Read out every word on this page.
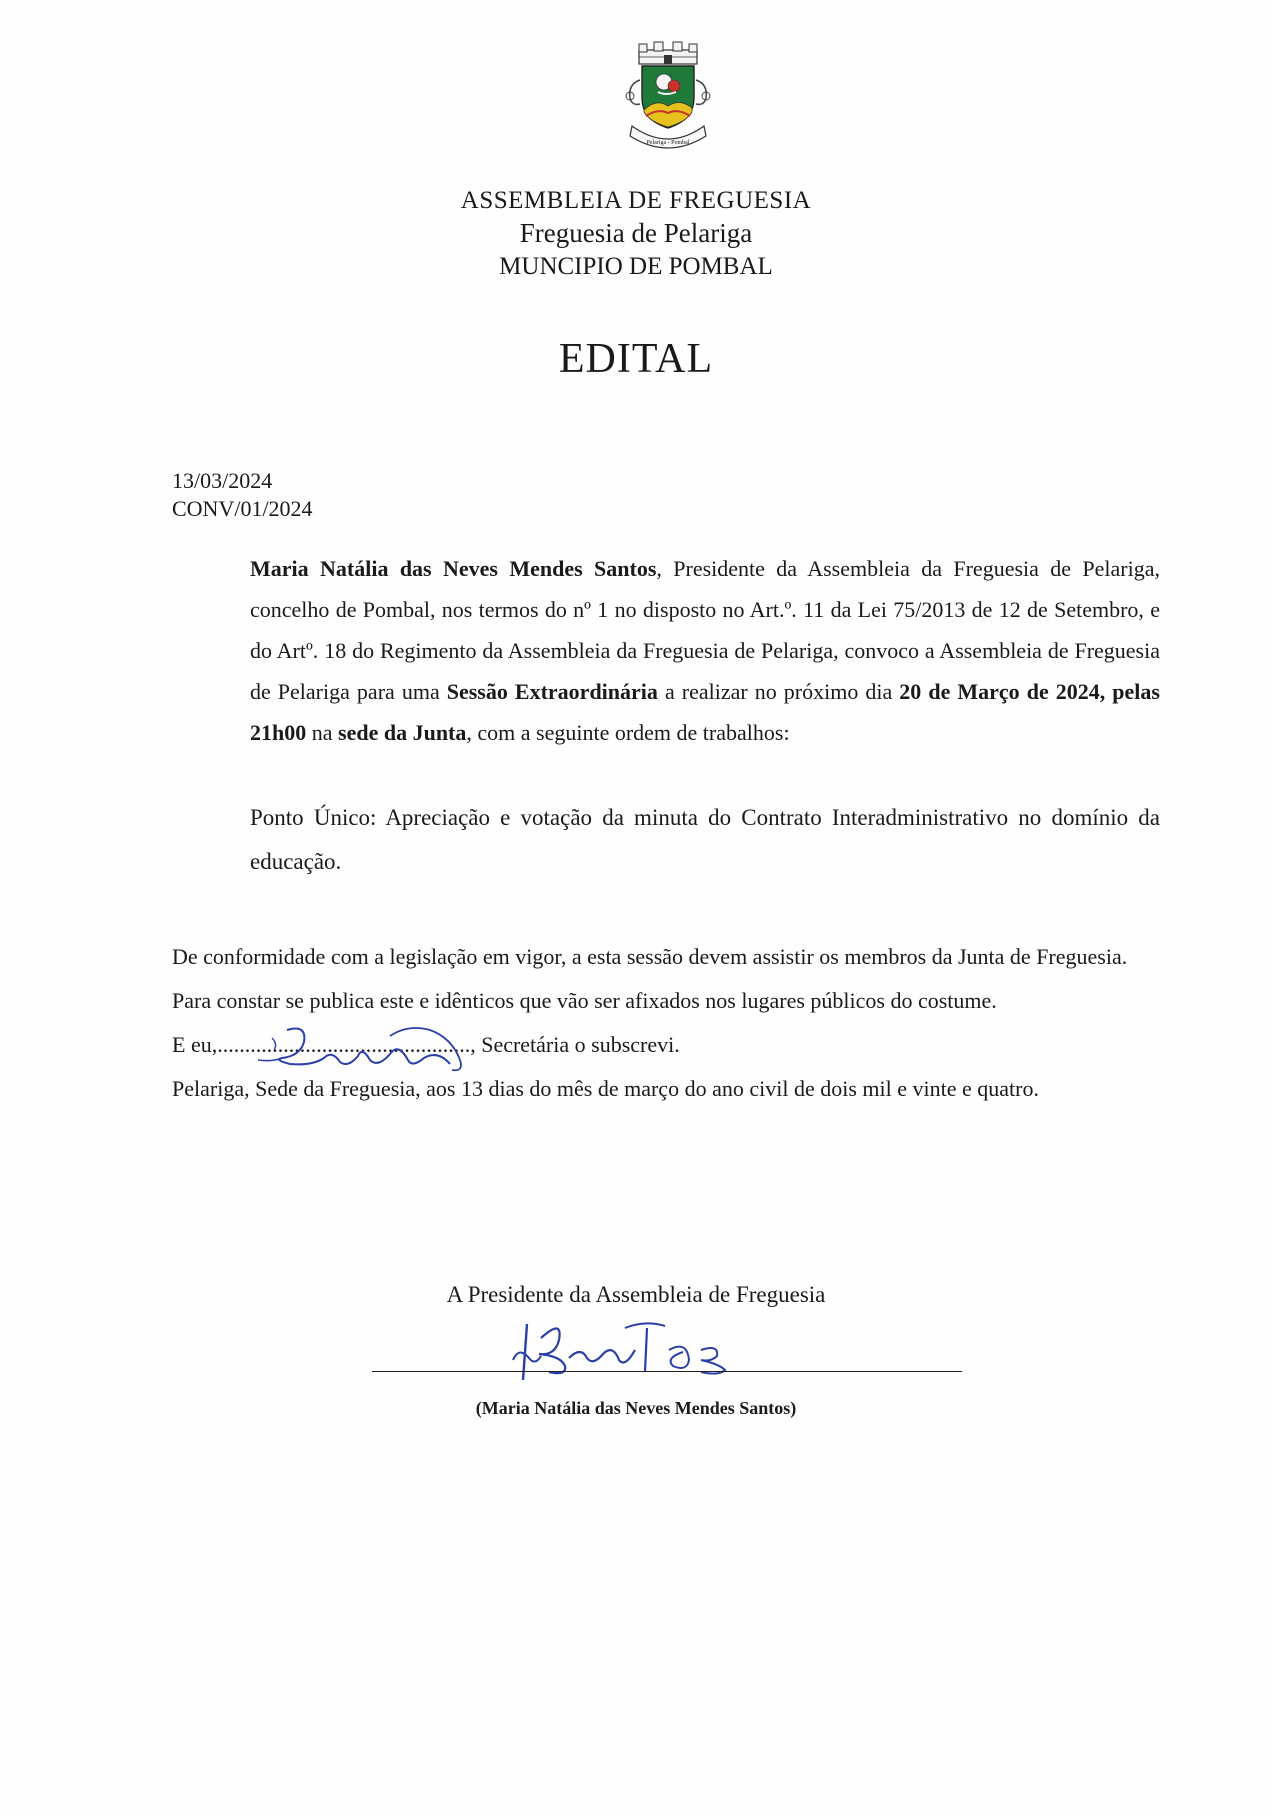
Pelariga - Pombal
ASSEMBLEIA DE FREGUESIA
Freguesia de Pelariga
MUNCIPIO DE POMBAL
EDITAL
13/03/2024
CONV/01/2024
Maria Natália das Neves Mendes Santos, Presidente da Assembleia da Freguesia de Pelariga, concelho de Pombal, nos termos do nº 1 no disposto no Art.º. 11 da Lei 75/2013 de 12 de Setembro, e do Artº. 18 do Regimento da Assembleia da Freguesia de Pelariga, convoco a Assembleia de Freguesia de Pelariga para uma Sessão Extraordinária a realizar no próximo dia 20 de Março de 2024, pelas 21h00 na sede da Junta, com a seguinte ordem de trabalhos:
Ponto Único: Apreciação e votação da minuta do Contrato Interadministrativo no domínio da educação.
De conformidade com a legislação em vigor, a esta sessão devem assistir os membros da Junta de Freguesia.
Para constar se publica este e idênticos que vão ser afixados nos lugares públicos do costume.
E eu,.............................................., Secretária o subscrevi.
Pelariga, Sede da Freguesia, aos 13 dias do mês de março do ano civil de dois mil e vinte e quatro.
A Presidente da Assembleia de Freguesia
(Maria Natália das Neves Mendes Santos)
